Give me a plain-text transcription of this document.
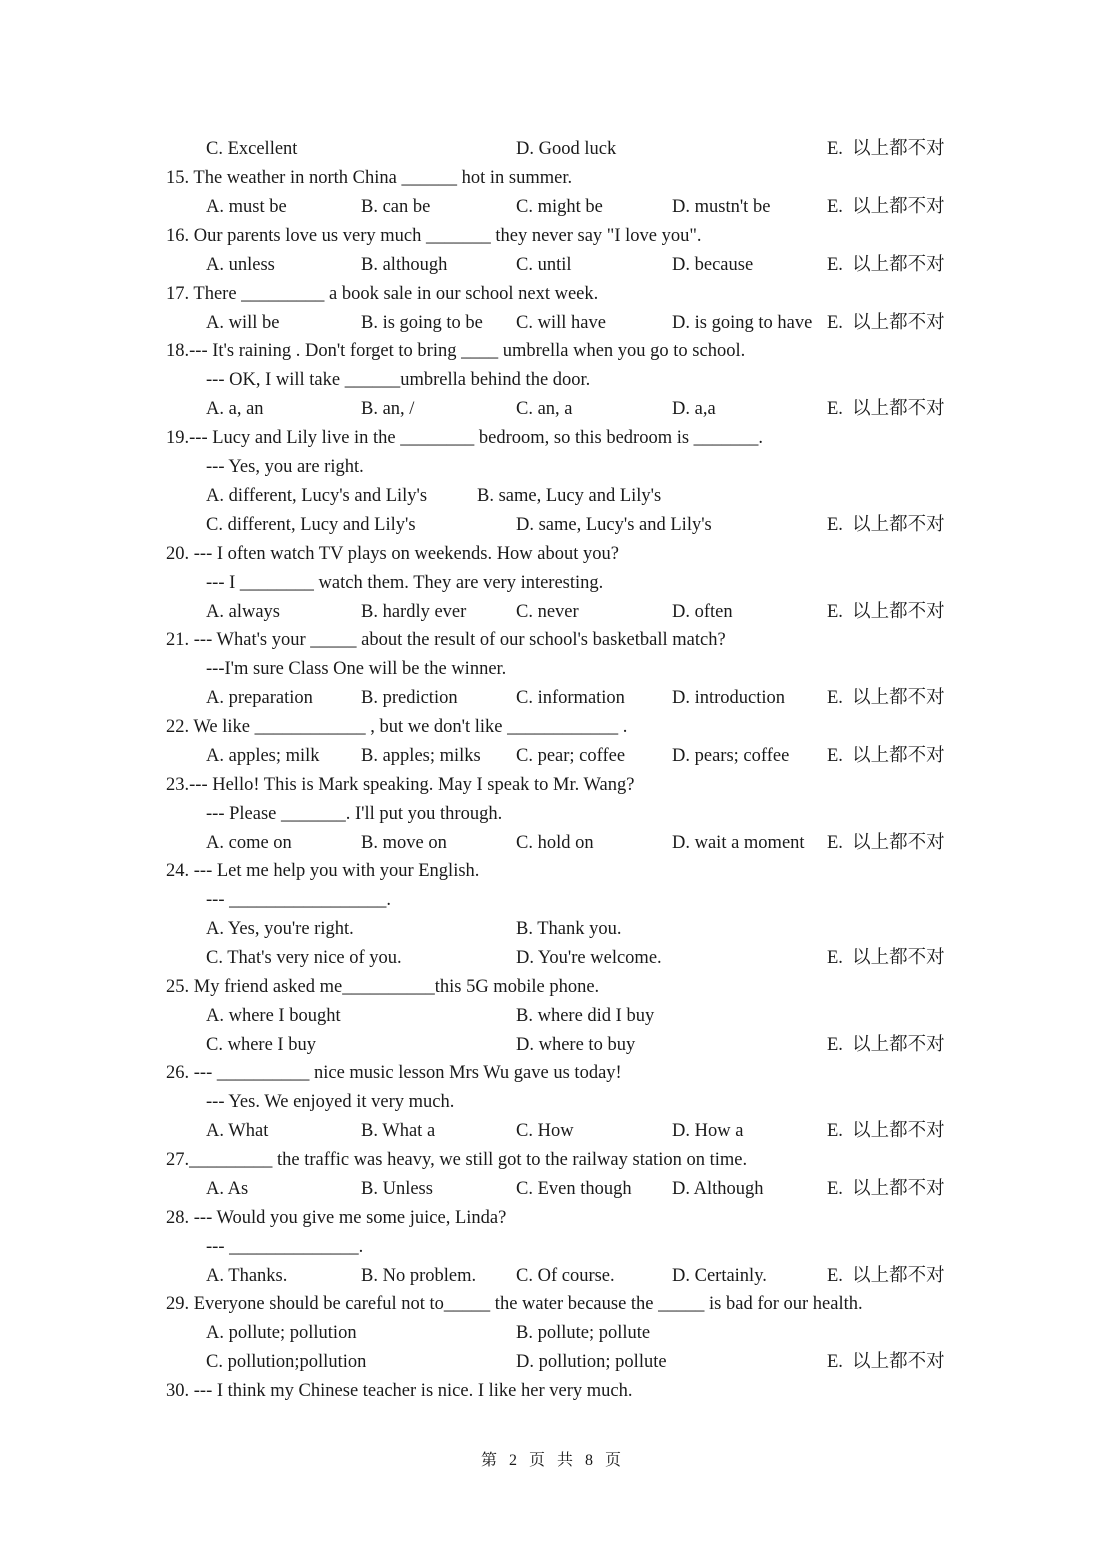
C. Excellent	D. Good luck	E.  以上都不对
15. The weather in north China ______ hot in summer.
A. must be	B. can be	C. might be	D. mustn't be	E.  以上都不对
16. Our parents love us very much _______ they never say "I love you".
A. unless	B. although	C. until	D. because	E.  以上都不对
17. There _________ a book sale in our school next week.
A. will be	B. is going to be C. will have	D. is going to have E.  以上都不对
18.--- It's raining . Don't forget to bring ____ umbrella when you go to school.
--- OK, I will take ______umbrella behind the door.
A. a, an	B. an, /	C. an, a	D. a,a	E.  以上都不对
19.--- Lucy and Lily live in the ________ bedroom, so this bedroom is _______.
--- Yes, you are right.
A. different, Lucy's and Lily's	B. same, Lucy and Lily's
C. different, Lucy and Lily's	D. same, Lucy's and Lily's	E.  以上都不对
20. --- I often watch TV plays on weekends. How about you?
--- I ________ watch them. They are very interesting.
A. always	B. hardly ever	C. never	D. often	E.  以上都不对
21. --- What's your _____ about the result of our school's basketball match?
---I'm sure Class One will be the winner.
A. preparation	B. prediction	C. information	D. introduction E.  以上都不对
22. We like ____________ , but we don't like ____________ .
A. apples; milk B. apples; milks C. pear; coffee	D. pears; coffee E.  以上都不对
23.--- Hello! This is Mark speaking. May I speak to Mr. Wang?
--- Please _______. I'll put you through.
A. come on	B. move on	C. hold on	D. wait a moment E.  以上都不对
24. --- Let me help you with your English.
--- _________________.
A. Yes, you're right.	B. Thank you.
C. That's very nice of you.	D. You're welcome.	E.  以上都不对
25. My friend asked me__________this 5G mobile phone.
A. where I bought	B. where did I buy
C. where I buy	D. where to buy	E.  以上都不对
26. --- __________ nice music lesson Mrs Wu gave us today!
--- Yes. We enjoyed it very much.
A. What	B. What a	C. How	D. How a	E.  以上都不对
27._________ the traffic was heavy, we still got to the railway station on time.
A. As	B. Unless	C. Even though D. Although	E.  以上都不对
28. --- Would you give me some juice, Linda?
--- ______________.
A. Thanks.	B. No problem. C. Of course.	D. Certainly.	E.  以上都不对
29. Everyone should be careful not to_____ the water because the _____ is bad for our health.
A. pollute; pollution	B. pollute; pollute
C. pollution;pollution	D. pollution; pollute	E.  以上都不对
30. --- I think my Chinese teacher is nice. I like her very much.
第 2 页 共 8 页
